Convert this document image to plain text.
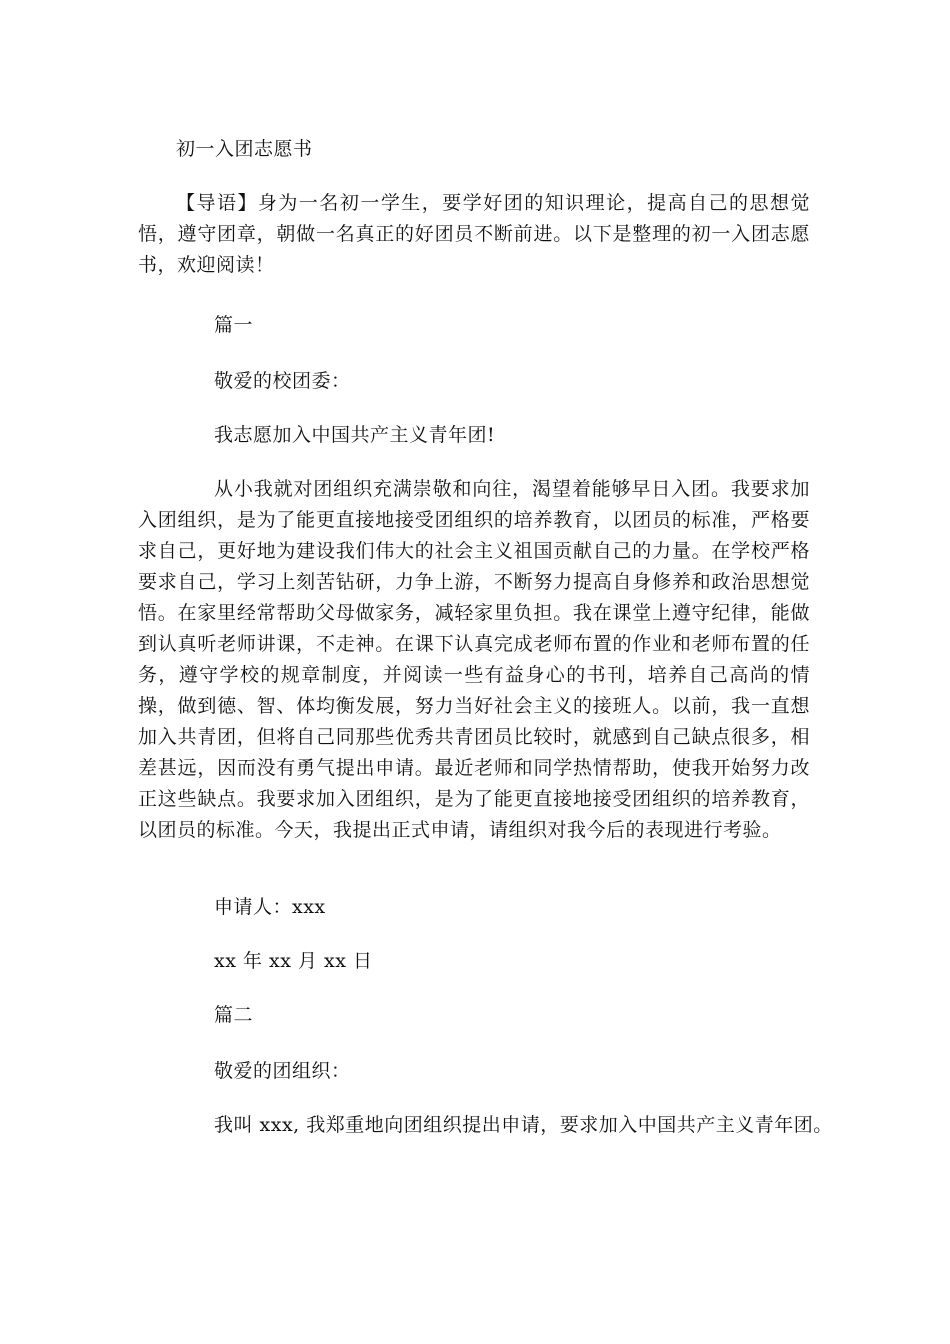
初一入团志愿书
【导语】身为一名初一学生，要学好团的知识理论，提高自己的思想觉悟，遵守团章，朝做一名真正的好团员不断前进。以下是整理的初一入团志愿书，欢迎阅读！
篇一
敬爱的校团委：
我志愿加入中国共产主义青年团!
从小我就对团组织充满崇敬和向往，渴望着能够早日入团。我要求加入团组织，是为了能更直接地接受团组织的培养教育，以团员的标准，严格要求自己，更好地为建设我们伟大的社会主义祖国贡献自己的力量。在学校严格要求自己，学习上刻苦钻研，力争上游，不断努力提高自身修养和政治思想觉悟。在家里经常帮助父母做家务，减轻家里负担。我在课堂上遵守纪律，能做到认真听老师讲课，不走神。在课下认真完成老师布置的作业和老师布置的任务，遵守学校的规章制度，并阅读一些有益身心的书刊，培养自己高尚的情操，做到德、智、体均衡发展，努力当好社会主义的接班人。以前，我一直想加入共青团，但将自己同那些优秀共青团员比较时，就感到自己缺点很多，相差甚远，因而没有勇气提出申请。最近老师和同学热情帮助，使我开始努力改正这些缺点。我要求加入团组织，是为了能更直接地接受团组织的培养教育，以团员的标准。今天，我提出正式申请，请组织对我今后的表现进行考验。
申请人：xxx
xx 年 xx 月 xx 日
篇二
敬爱的团组织：
我叫 xxx, 我郑重地向团组织提出申请，要求加入中国共产主义青年团。
